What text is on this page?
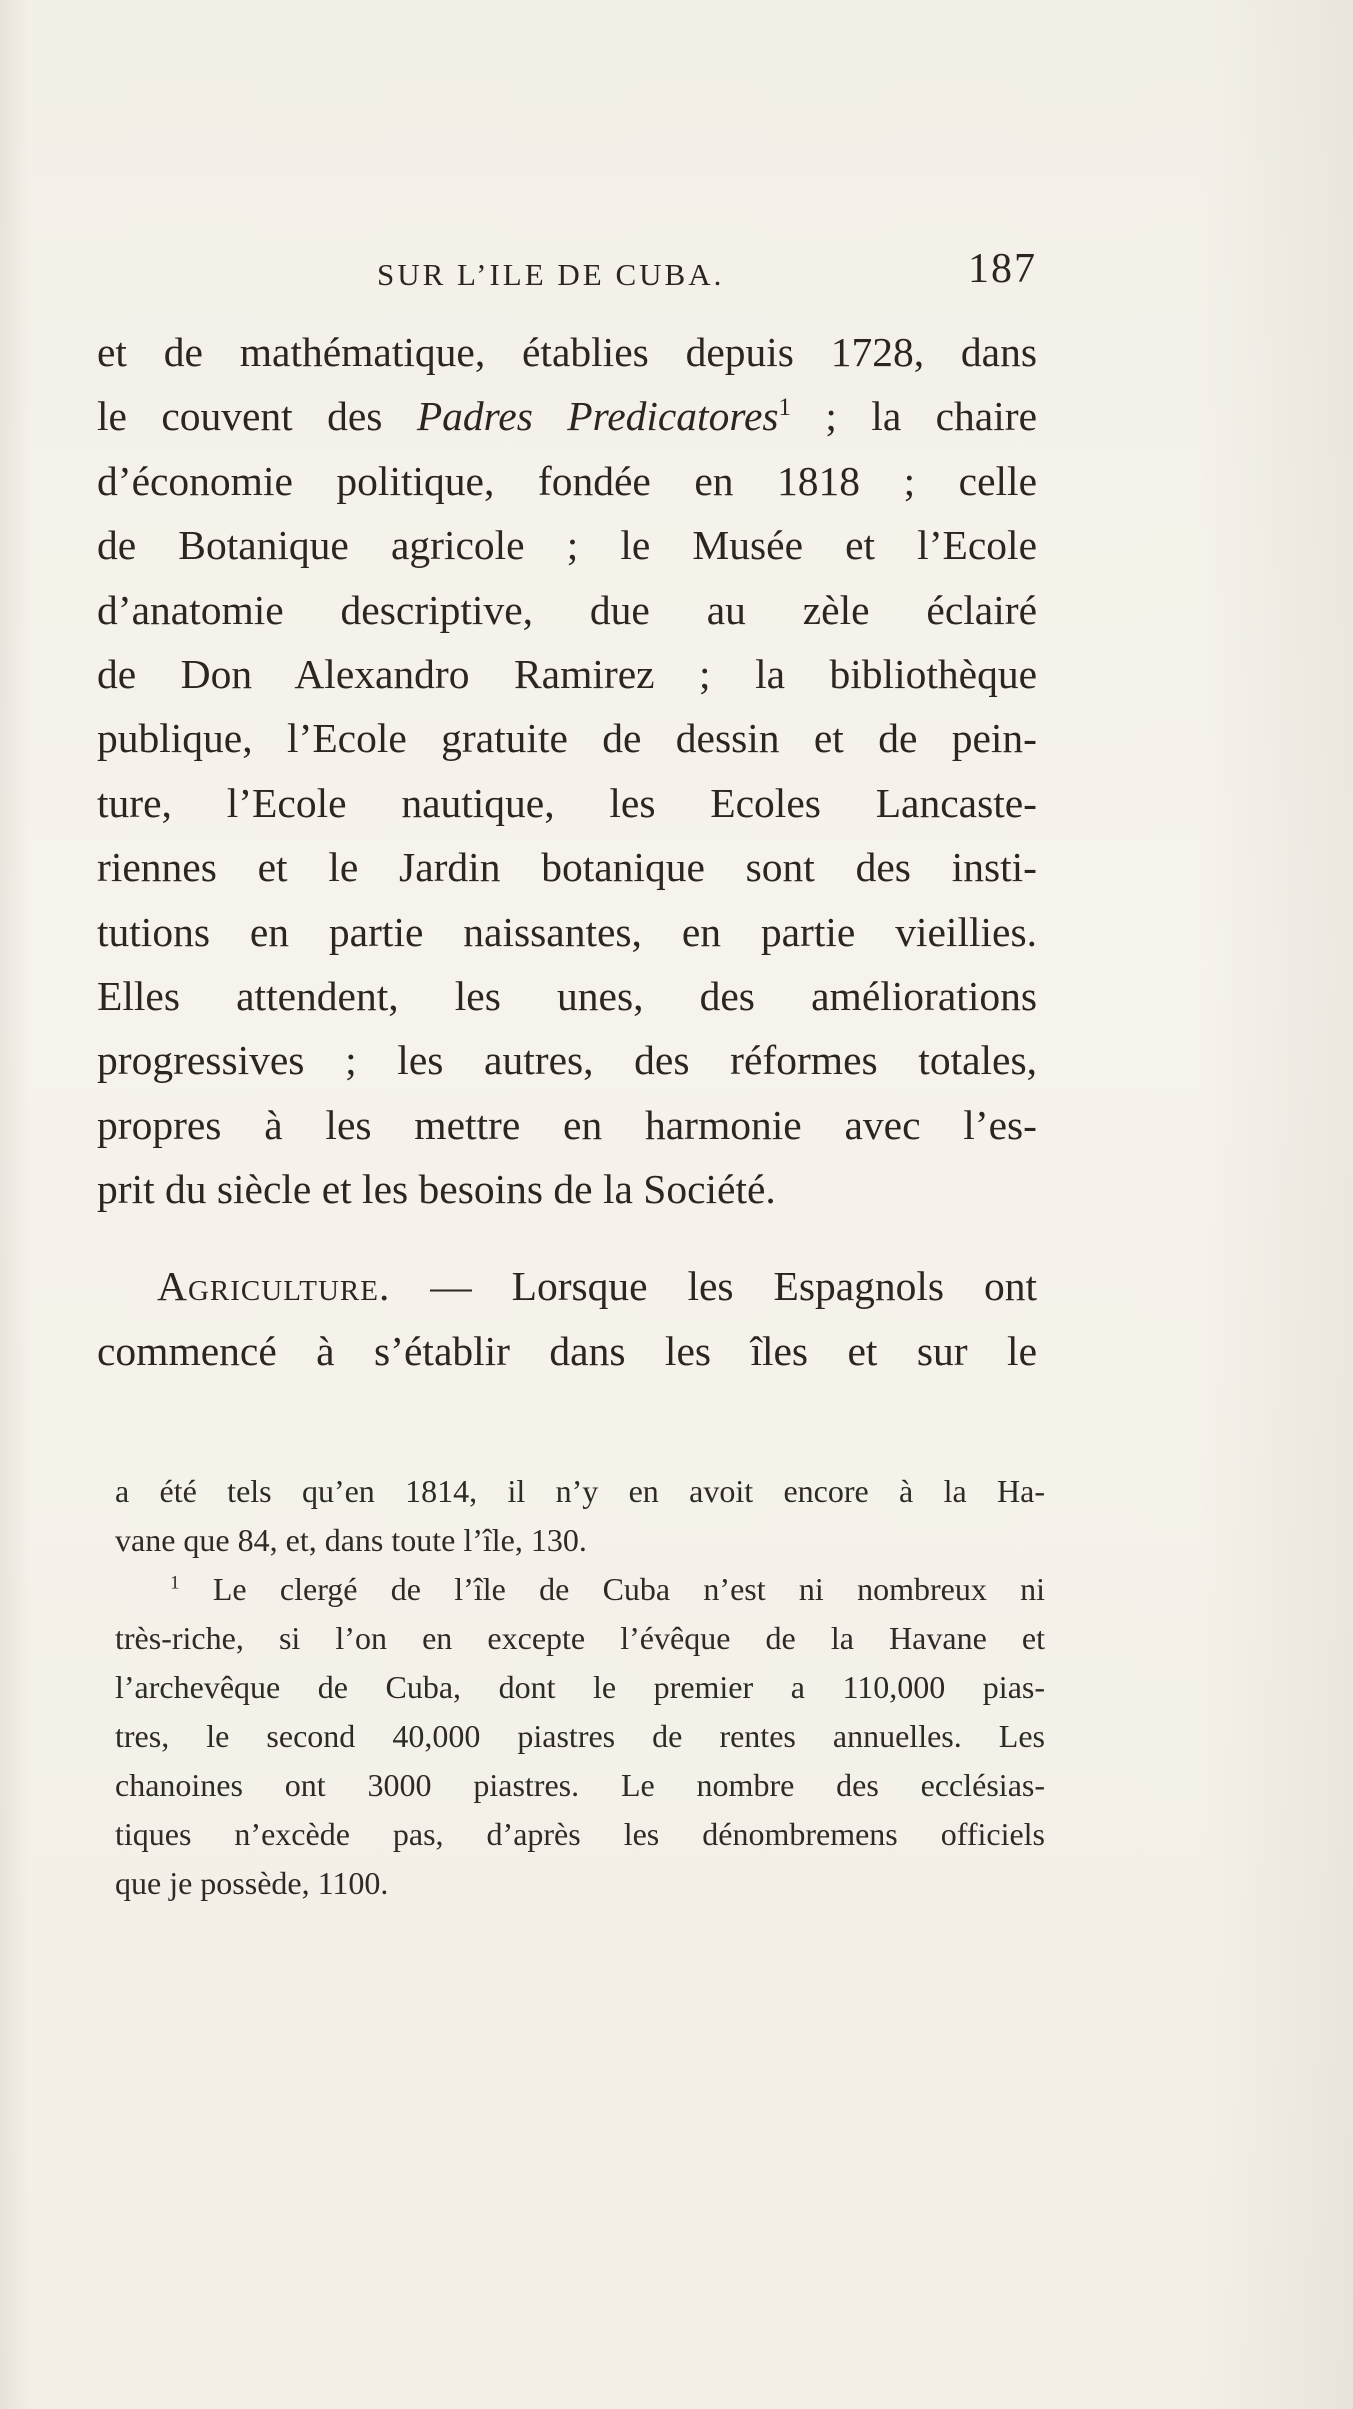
SUR L’ILE DE CUBA.	187
et de mathématique, établies depuis 1728, dans
le couvent des Padres Predicatores$^1$ ; la chaire
d’économie politique, fondée en 1818 ; celle
de Botanique agricole ; le Musée et l’Ecole
d’anatomie descriptive, due au zèle éclairé
de Don Alexandro Ramirez ; la bibliothèque
publique, l’Ecole gratuite de dessin et de pein-
ture, l’Ecole nautique, les Ecoles Lancaste-
riennes et le Jardin botanique sont des insti-
tutions en partie naissantes, en partie vieillies.
Elles attendent, les unes, des améliorations
progressives ; les autres, des réformes totales,
propres à les mettre en harmonie avec l’es-
prit du siècle et les besoins de la Société.
Agriculture. — Lorsque les Espagnols ont
commencé à s’établir dans les îles et sur le
a été tels qu’en 1814, il n’y en avoit encore à la Ha-
vane que 84, et, dans toute l’île, 130.
$^1$ Le clergé de l’île de Cuba n’est ni nombreux ni
très-riche, si l’on en excepte l’évêque de la Havane et
l’archevêque de Cuba, dont le premier a 110,000 pias-
tres, le second 40,000 piastres de rentes annuelles. Les
chanoines ont 3000 piastres. Le nombre des ecclésias-
tiques n’excède pas, d’après les dénombremens officiels
que je possède, 1100.
